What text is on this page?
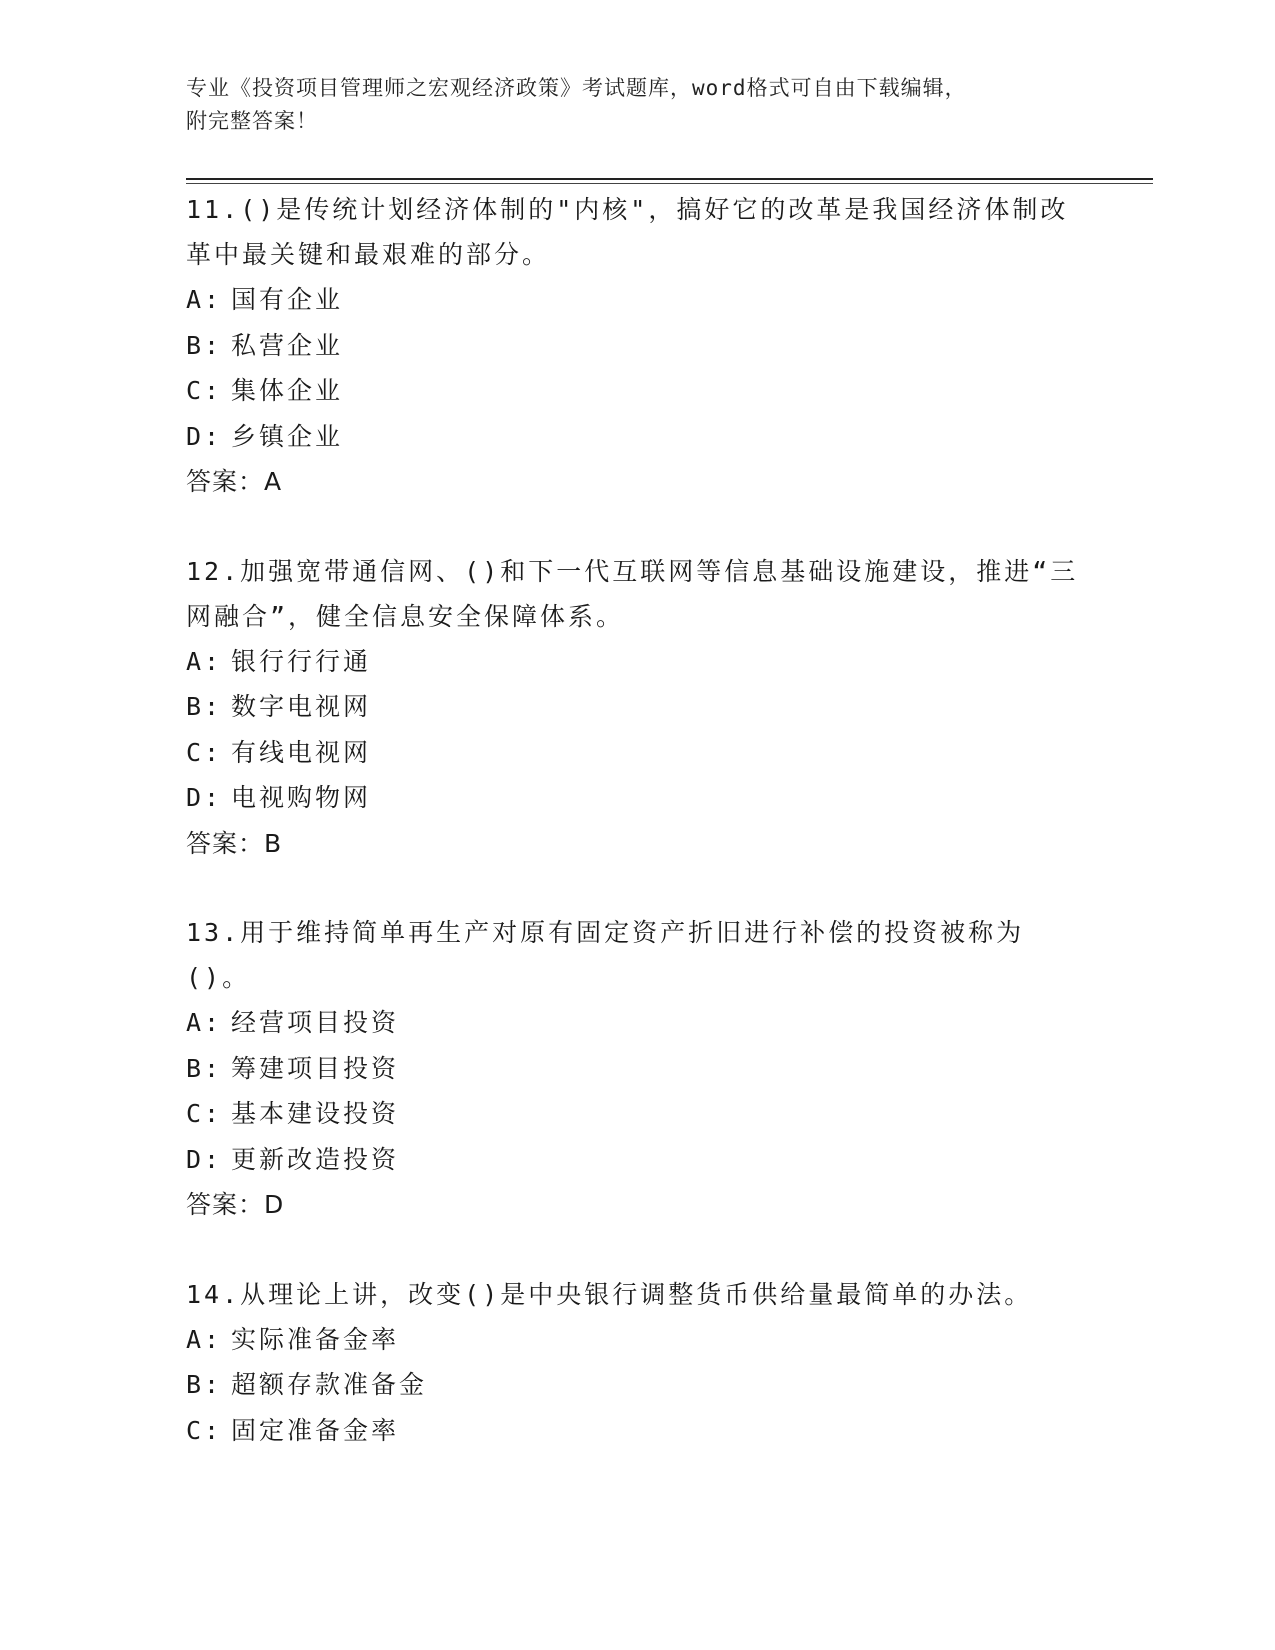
专业《投资项目管理师之宏观经济政策》考试题库，word格式可自由下载编辑，
附完整答案！
11.()是传统计划经济体制的"内核"，搞好它的改革是我国经济体制改革中最关键和最艰难的部分。
A: 国有企业
B: 私营企业
C: 集体企业
D: 乡镇企业
答案：A
12.加强宽带通信网、()和下一代互联网等信息基础设施建设，推进“三网融合”，健全信息安全保障体系。
A: 银行行行通
B: 数字电视网
C: 有线电视网
D: 电视购物网
答案：B
13.用于维持简单再生产对原有固定资产折旧进行补偿的投资被称为()。
A: 经营项目投资
B: 筹建项目投资
C: 基本建设投资
D: 更新改造投资
答案：D
14.从理论上讲，改变()是中央银行调整货币供给量最简单的办法。
A: 实际准备金率
B: 超额存款准备金
C: 固定准备金率
